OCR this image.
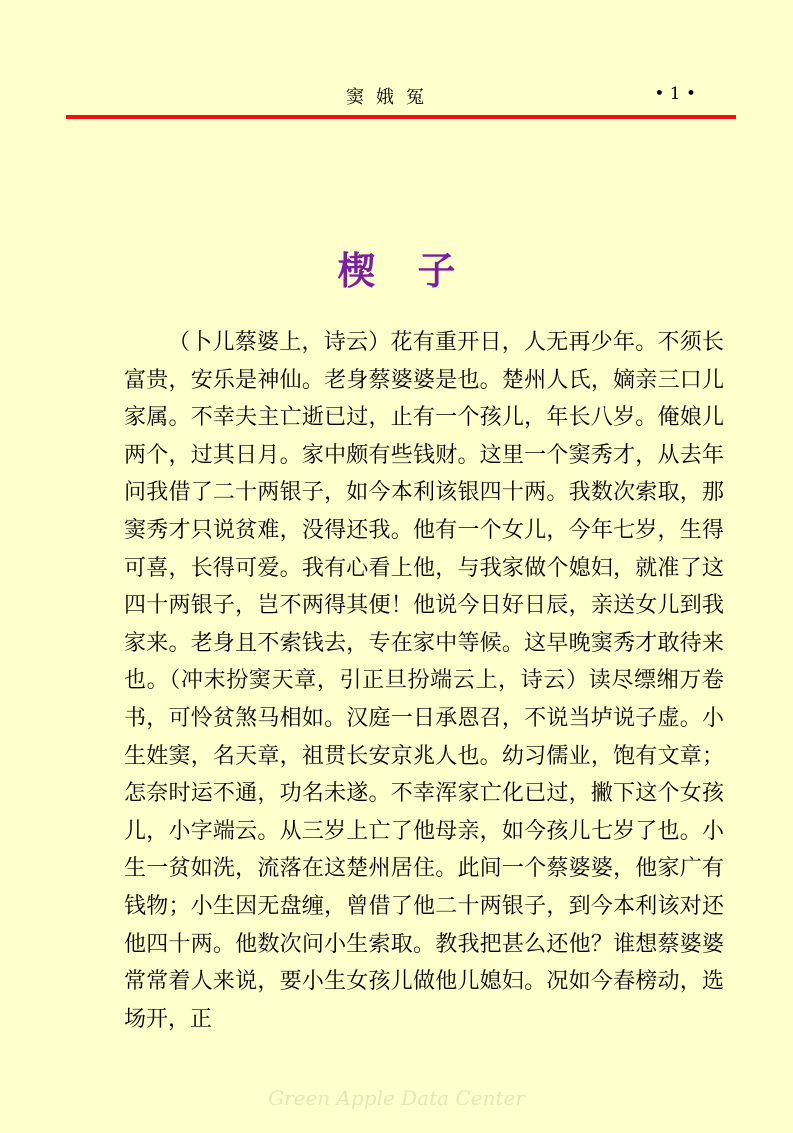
窦娥冤	• 1 •
楔子

（卜儿蔡婆上，诗云）花有重开日，人无再少年。不须长富贵，安乐是神仙。老身蔡婆婆是也。楚州人氏，嫡亲三口儿家属。不幸夫主亡逝已过，止有一个孩儿，年长八岁。俺娘儿两个，过其日月。家中颇有些钱财。这里一个窦秀才，从去年问我借了二十两银子，如今本利该银四十两。我数次索取，那窦秀才只说贫难，没得还我。他有一个女儿，今年七岁，生得可喜，长得可爱。我有心看上他，与我家做个媳妇，就准了这四十两银子，岂不两得其便！他说今日好日辰，亲送女儿到我家来。老身且不索钱去，专在家中等候。这早晚窦秀才敢待来也。（冲末扮窦天章，引正旦扮端云上，诗云）读尽缥缃万卷书，可怜贫煞马相如。汉庭一日承恩召，不说当垆说子虚。小生姓窦，名天章，祖贯长安京兆人也。幼习儒业，饱有文章；怎奈时运不通，功名未遂。不幸浑家亡化已过，撇下这个女孩儿，小字端云。从三岁上亡了他母亲，如今孩儿七岁了也。小生一贫如洗，流落在这楚州居住。此间一个蔡婆婆，他家广有钱物；小生因无盘缠，曾借了他二十两银子，到今本利该对还他四十两。他数次问小生索取。教我把甚么还他？谁想蔡婆婆常常着人来说，要小生女孩儿做他儿媳妇。况如今春榜动，选场开，正

Green Apple Data Center
